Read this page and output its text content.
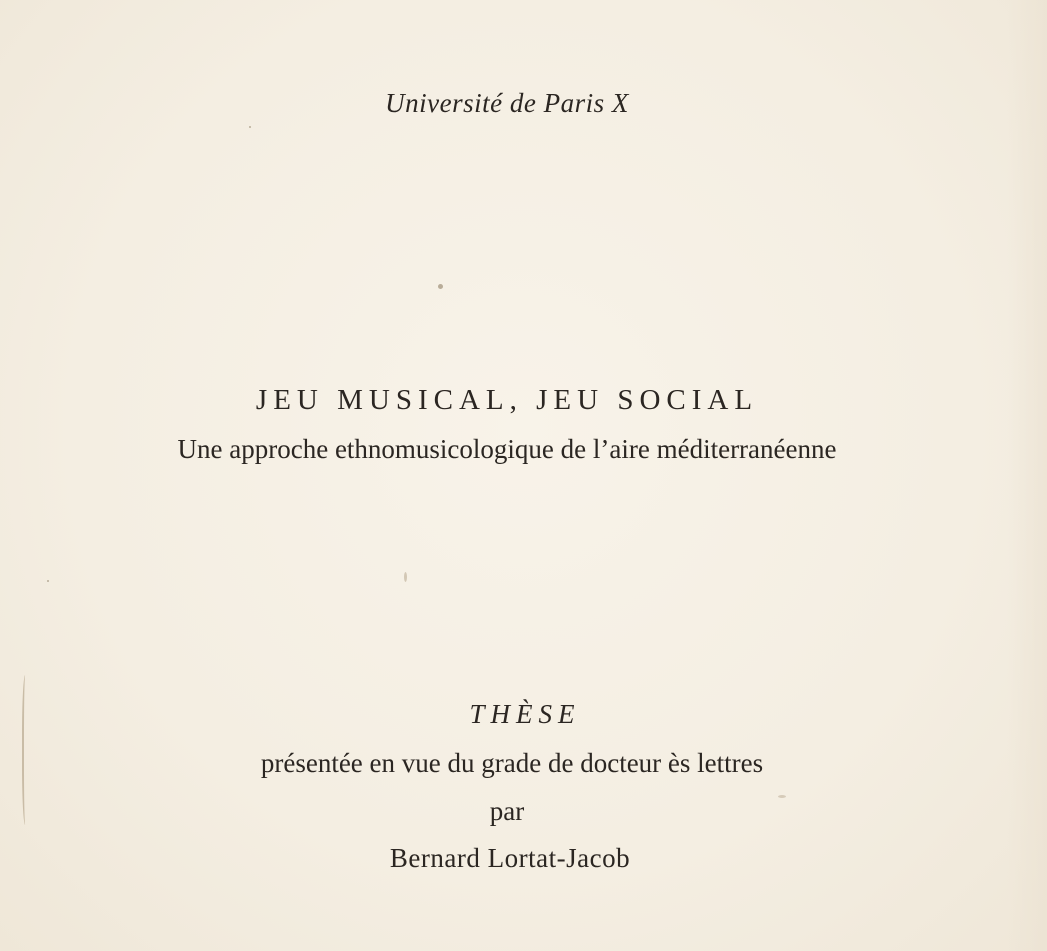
Université de Paris X
JEU MUSICAL, JEU SOCIAL
Une approche ethnomusicologique de l’aire méditerranéenne
THÈSE
présentée en vue du grade de docteur ès lettres
par
Bernard Lortat-Jacob
